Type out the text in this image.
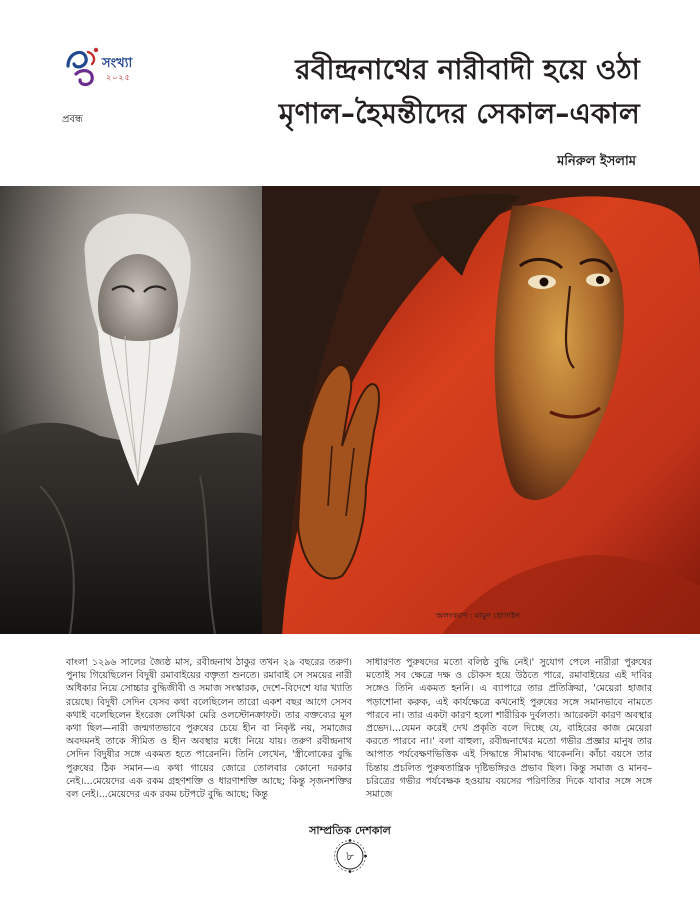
সংখ্যা
২০২৫
প্রবন্ধ
রবীন্দ্রনাথের নারীবাদী হয়ে ওঠা
মৃণাল–হৈমন্তীদের সেকাল–একাল
মনিরুল ইসলাম
অলংকরণ : মামুন হোসাইন

বাংলা ১২৯৬ সালের জ্যৈষ্ঠ মাস, রবীন্দ্রনাথ ঠাকুর তখন ২৯ বছরের তরুণ। পুনায় গিয়েছিলেন বিদুষী রমাবাইয়ের বক্তৃতা শুনতে। রমাবাই সে সময়ের নারী অধিকার নিয়ে সোচ্চার বুদ্ধিজীবী ও সমাজ সংস্কারক, দেশে–বিদেশে যার খ্যাতি রয়েছে। বিদুষী সেদিন যেসব কথা বলেছিলেন তারো একশ বছর আগে সেসব কথাই বলেছিলেন ইংরেজ লেখিকা মেরি ওলস্টোনক্রাফট। তার বক্তব্যের মূল কথা ছিল—নারী জন্মগতভাবে পুরুষের চেয়ে হীন বা নিকৃষ্ট নয়, সমাজের অবদমনই তাকে সীমিত ও হীন অবস্থার মধ্যে নিয়ে যায়। তরুণ রবীন্দ্রনাথ সেদিন বিদুষীর সঙ্গে একমত হতে পারেননি। তিনি লেখেন, 'স্ত্রীলোকের বুদ্ধি পুরুষের ঠিক সমান—এ কথা গায়ের জোরে তোলবার কোনো দরকার নেই।...মেয়েদের এক রকম গ্রহণশক্তি ও ধারণাশক্তি আছে; কিন্তু সৃজনশক্তির বল নেই।...মেয়েদের এক রকম চটপটে বুদ্ধি আছে; কিন্তু

সাধারণত পুরুষদের মতো বলিষ্ঠ বুদ্ধি নেই।' সুযোগ পেলে নারীরা পুরুষের মতোই সব ক্ষেত্রে দক্ষ ও চৌকস হয়ে উঠতে পারে, রমাবাইয়ের এই দাবির সঙ্গেও তিনি একমত হননি। এ ব্যাপারে তার প্রতিক্রিয়া, 'মেয়েরা হাজার পড়াশোনা করুক, এই কার্যক্ষেত্রে কখনোই পুরুষের সঙ্গে সমানভাবে নামতে পারবে না। তার একটা কারণ হলো শারীরিক দুর্বলতা। আরেকটা কারণ অবস্থার প্রভেদ।...যেমন করেই দেখ প্রকৃতি বলে দিচ্ছে যে, বাহিরের কাজ মেয়েরা করতে পারবে না।' বলা বাহুল্য, রবীন্দ্রনাথের মতো গভীর প্রজ্ঞার মানুষ তার আপাত পর্যবেক্ষণভিত্তিক এই সিদ্ধান্তে সীমাবদ্ধ থাকেননি। কাঁচা বয়সে তার চিন্তায় প্রচলিত পুরুষতান্ত্রিক দৃষ্টিভঙ্গিরও প্রভাব ছিল। কিন্তু সমাজ ও মানব–চরিত্রের গভীর পর্যবেক্ষক হওয়ায় বয়সের পরিণতির দিকে যাবার সঙ্গে সঙ্গে সমাজে

সাম্প্রতিক দেশকাল
৮
